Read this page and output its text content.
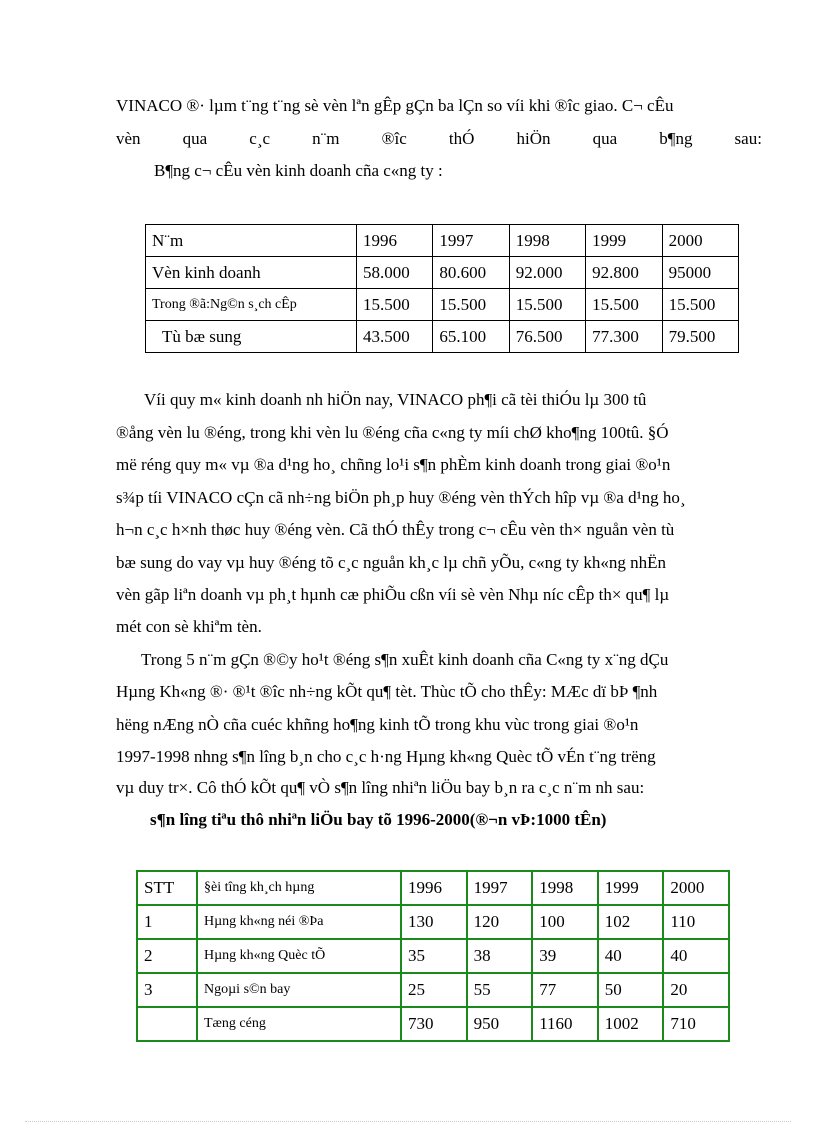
VINACO ®· lµm t¨ng t¨ng sè vèn lªn gÊp gÇn ba lÇn so víi khi ®îc giao. C¬ cÊu
vèn qua c¸c n¨m ®îc thÓ hiÖn qua b¶ng sau:
B¶ng c¬ cÊu vèn kinh doanh cña c«ng ty :
N¨m	1996	1997	1998	1999	2000
Vèn kinh doanh	58.000	80.600	92.000	92.800	95000
Trong ®ã:Ng©n s¸ch cÊp	15.500	15.500	15.500	15.500	15.500
Tù bæ sung	43.500	65.100	76.500	77.300	79.500
Víi quy m« kinh doanh nh hiÖn nay, VINACO ph¶i cã tèi thiÓu lµ 300 tû
®ång vèn lu ®éng, trong khi vèn lu ®éng cña c«ng ty míi chØ kho¶ng 100tû. §Ó
më réng quy m« vµ ®a d¹ng ho¸ chñng lo¹i s¶n phÈm kinh doanh trong giai ®o¹n
s¾p tíi VINACO cÇn cã nh÷ng biÖn ph¸p huy ®éng vèn thÝch hîp vµ ®a d¹ng ho¸
h¬n c¸c h×nh thøc huy ®éng vèn. Cã thÓ thÊy trong c¬ cÊu vèn th× nguån vèn tù
bæ sung do vay vµ huy ®éng tõ c¸c nguån kh¸c lµ chñ yÕu, c«ng ty kh«ng nhËn
vèn gãp liªn doanh vµ ph¸t hµnh cæ phiÕu cßn víi sè vèn Nhµ níc cÊp th× qu¶ lµ
mét con sè khiªm tèn.
Trong 5 n¨m gÇn ®©y ho¹t ®éng s¶n xuÊt kinh doanh cña C«ng ty x¨ng dÇu
Hµng Kh«ng ®· ®¹t ®îc nh÷ng kÕt qu¶ tèt. Thùc tÕ cho thÊy: MÆc dï bÞ ¶nh
hëng nÆng nÒ cña cuéc khñng ho¶ng kinh tÕ trong khu vùc trong giai ®o¹n
1997-1998 nhng s¶n lîng b¸n cho c¸c h·ng Hµng kh«ng Quèc tÕ vÉn t¨ng trëng
vµ duy tr×. Cô thÓ kÕt qu¶ vÒ s¶n lîng nhiªn liÖu bay b¸n ra c¸c n¨m nh sau:
s¶n lîng tiªu thô nhiªn liÖu bay tõ 1996-2000(®¬n vÞ:1000 tÊn)
STT	§èi tîng kh¸ch hµng	1996	1997	1998	1999	2000
1	Hµng kh«ng néi ®Þa	130	120	100	102	110
2	Hµng kh«ng Quèc tÕ	35	38	39	40	40
3	Ngoµi s©n bay	25	55	77	50	20
	Tæng céng	730	950	1160	1002	710
